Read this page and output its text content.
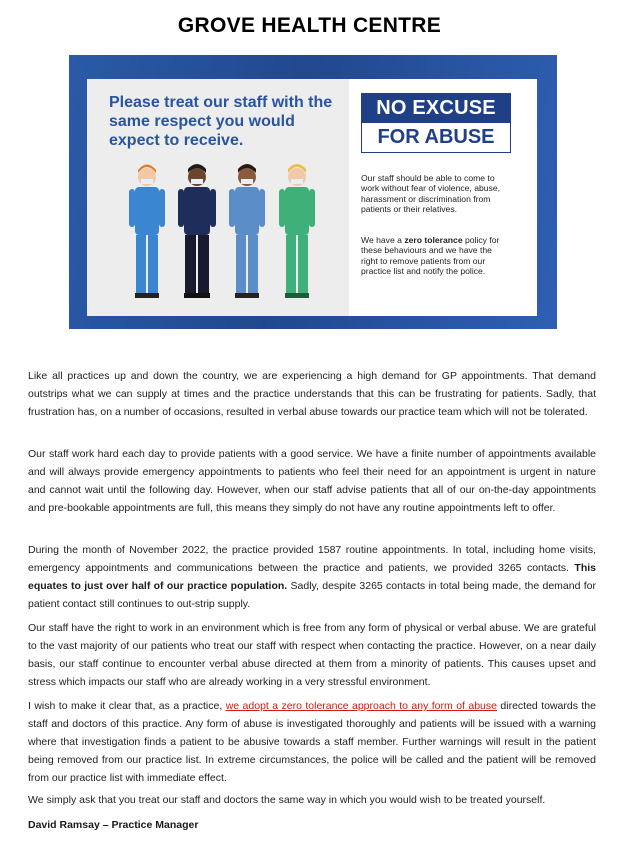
GROVE HEALTH CENTRE
Please treat our staff with the same respect you would expect to receive.
NO EXCUSE
FOR ABUSE
Our staff should be able to come to work without fear of violence, abuse, harassment or discrimination from patients or their relatives.
We have a zero tolerance policy for these behaviours and we have the right to remove patients from our practice list and notify the police.
Like all practices up and down the country, we are experiencing a high demand for GP appointments. That demand outstrips what we can supply at times and the practice understands that this can be frustrating for patients. Sadly, that frustration has, on a number of occasions, resulted in verbal abuse towards our practice team which will not be tolerated.
Our staff work hard each day to provide patients with a good service. We have a finite number of appointments available and will always provide emergency appointments to patients who feel their need for an appointment is urgent in nature and cannot wait until the following day. However, when our staff advise patients that all of our on-the-day appointments and pre-bookable appointments are full, this means they simply do not have any routine appointments left to offer.
During the month of November 2022, the practice provided 1587 routine appointments. In total, including home visits, emergency appointments and communications between the practice and patients, we provided 3265 contacts. This equates to just over half of our practice population. Sadly, despite 3265 contacts in total being made, the demand for patient contact still continues to out-strip supply.
Our staff have the right to work in an environment which is free from any form of physical or verbal abuse. We are grateful to the vast majority of our patients who treat our staff with respect when contacting the practice. However, on a near daily basis, our staff continue to encounter verbal abuse directed at them from a minority of patients. This causes upset and stress which impacts our staff who are already working in a very stressful environment.
I wish to make it clear that, as a practice, we adopt a zero tolerance approach to any form of abuse directed towards the staff and doctors of this practice. Any form of abuse is investigated thoroughly and patients will be issued with a warning where that investigation finds a patient to be abusive towards a staff member. Further warnings will result in the patient being removed from our practice list. In extreme circumstances, the police will be called and the patient will be removed from our practice list with immediate effect.
We simply ask that you treat our staff and doctors the same way in which you would wish to be treated yourself.
David Ramsay – Practice Manager
